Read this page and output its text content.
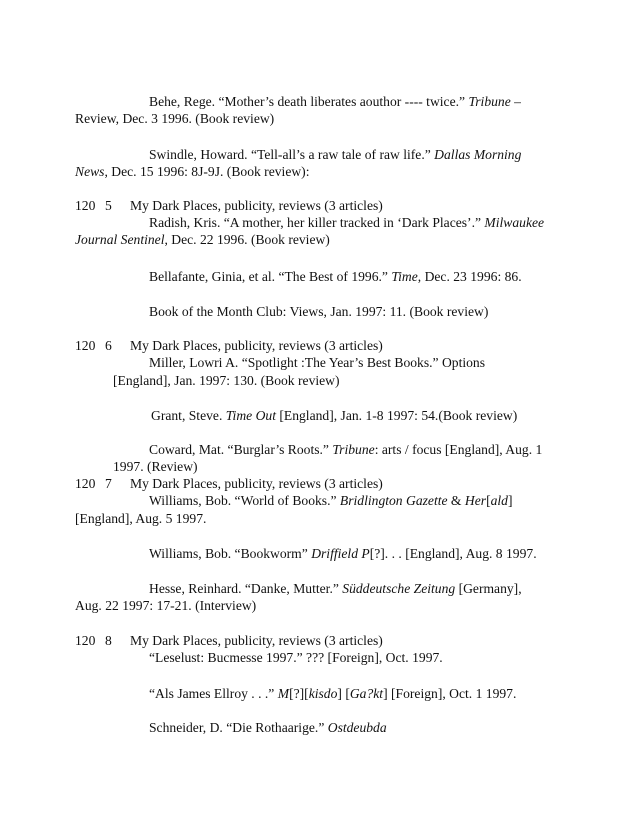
Behe, Rege. “Mother’s death liberates aouthor ---- twice.” Tribune –
Review, Dec. 3 1996. (Book review)
Swindle, Howard. “Tell-all’s a raw tale of raw life.” Dallas Morning
News, Dec. 15 1996: 8J-9J. (Book review):
120 5 My Dark Places, publicity, reviews (3 articles)
Radish, Kris. “A mother, her killer tracked in ‘Dark Places’.” Milwaukee
Journal Sentinel, Dec. 22 1996. (Book review)
Bellafante, Ginia, et al. “The Best of 1996.” Time, Dec. 23 1996: 86.
Book of the Month Club: Views, Jan. 1997: 11. (Book review)
120 6 My Dark Places, publicity, reviews (3 articles)
Miller, Lowri A. “Spotlight :The Year’s Best Books.” Options
[England], Jan. 1997: 130. (Book review)
Grant, Steve. Time Out [England], Jan. 1-8 1997: 54.(Book review)
Coward, Mat. “Burglar’s Roots.” Tribune: arts / focus [England], Aug. 1
1997. (Review)
120 7 My Dark Places, publicity, reviews (3 articles)
Williams, Bob. “World of Books.” Bridlington Gazette & Her[ald]
[England], Aug. 5 1997.
Williams, Bob. “Bookworm” Driffield P[?]. . . [England], Aug. 8 1997.
Hesse, Reinhard. “Danke, Mutter.” Süddeutsche Zeitung [Germany],
Aug. 22 1997: 17-21. (Interview)
120 8 My Dark Places, publicity, reviews (3 articles)
“Leselust: Bucmesse 1997.” ??? [Foreign], Oct. 1997.
“Als James Ellroy . . .” M[?][kisdo] [Ga?kt] [Foreign], Oct. 1 1997.
Schneider, D. “Die Rothaarige.” Ostdeubda
